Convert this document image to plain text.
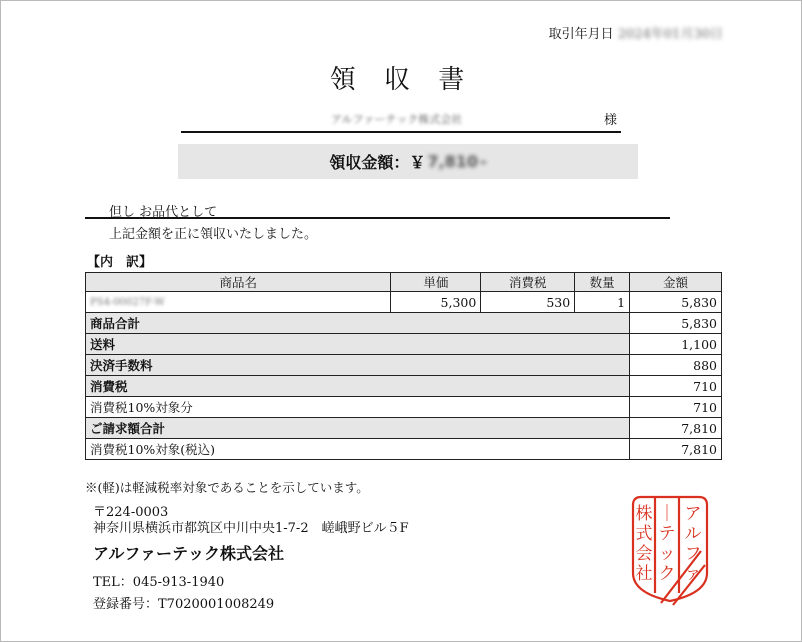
取引年月日 2024年01月30日
領 収 書
アルファーテック株式会社	様
領収金額：￥ 7,810 -
但し お品代として
上記金額を正に領収いたしました。
【内　訳】
商品名	単価	消費税	数量	金額
PS4-00027F-W	5,300	530	1	5,830
商品合計				5,830
送料				1,100
決済手数料				880
消費税				710
消費税10%対象分				710
ご請求額合計				7,810
消費税10%対象(税込)				7,810
※(軽)は軽減税率対象であることを示しています。
〒224-0003
神奈川県横浜市都筑区中川中央1-7-2　嵯峨野ビル５F
アルファーテック株式会社
TEL：045-913-1940
登録番号：T7020001008249
ア
ル
フ
ァ
｜
テ
ッ
ク
株
式
会
社
